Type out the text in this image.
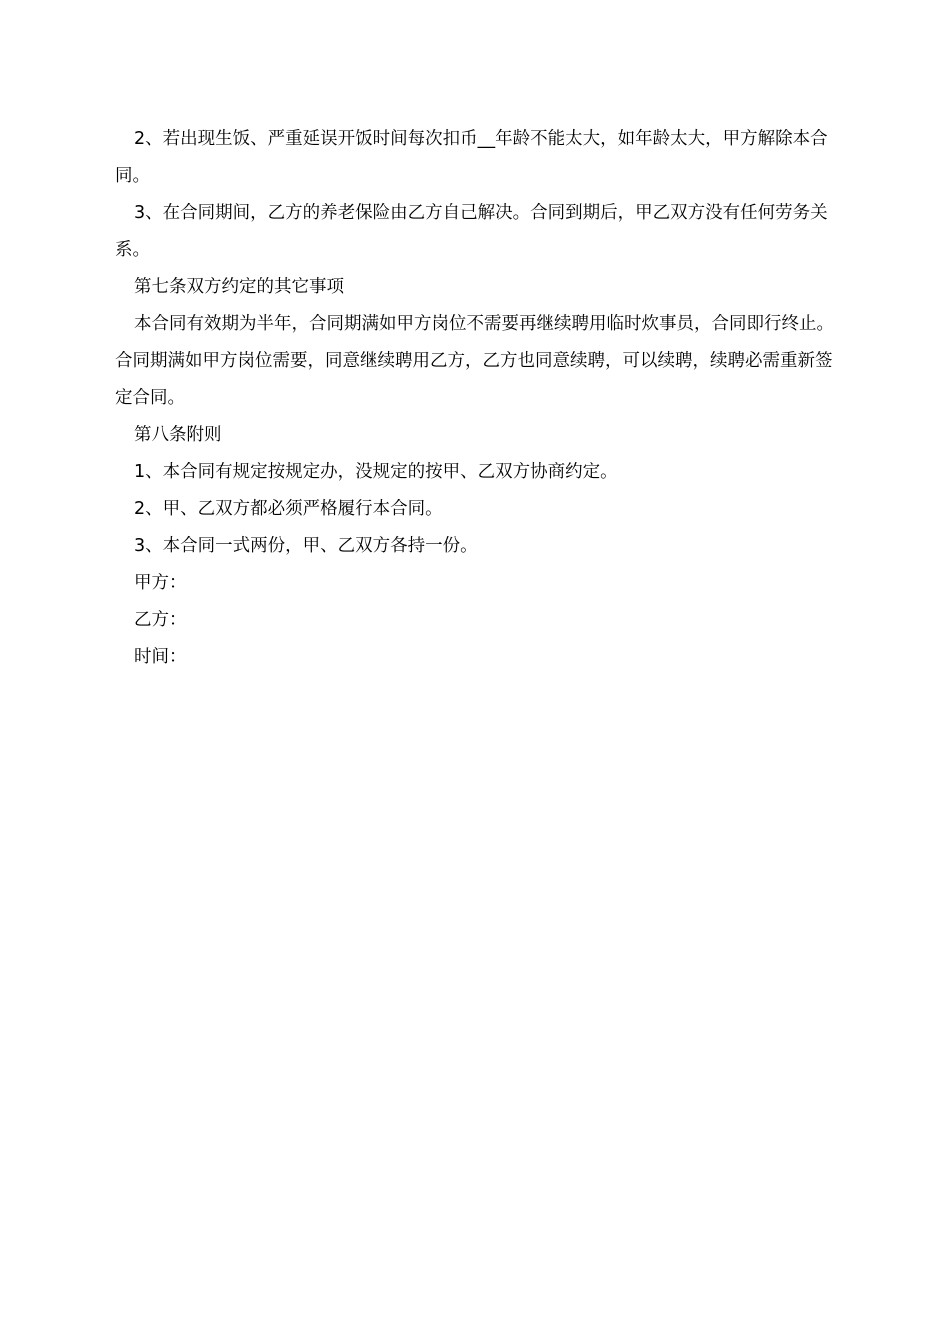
2、若出现生饭、严重延误开饭时间每次扣币__年龄不能太大，如年龄太大，甲方解除本合同。

3、在合同期间，乙方的养老保险由乙方自己解决。合同到期后，甲乙双方没有任何劳务关系。

第七条双方约定的其它事项

本合同有效期为半年，合同期满如甲方岗位不需要再继续聘用临时炊事员，合同即行终止。合同期满如甲方岗位需要，同意继续聘用乙方，乙方也同意续聘，可以续聘，续聘必需重新签定合同。

第八条附则

1、本合同有规定按规定办，没规定的按甲、乙双方协商约定。

2、甲、乙双方都必须严格履行本合同。

3、本合同一式两份，甲、乙双方各持一份。

甲方：

乙方：

时间：
